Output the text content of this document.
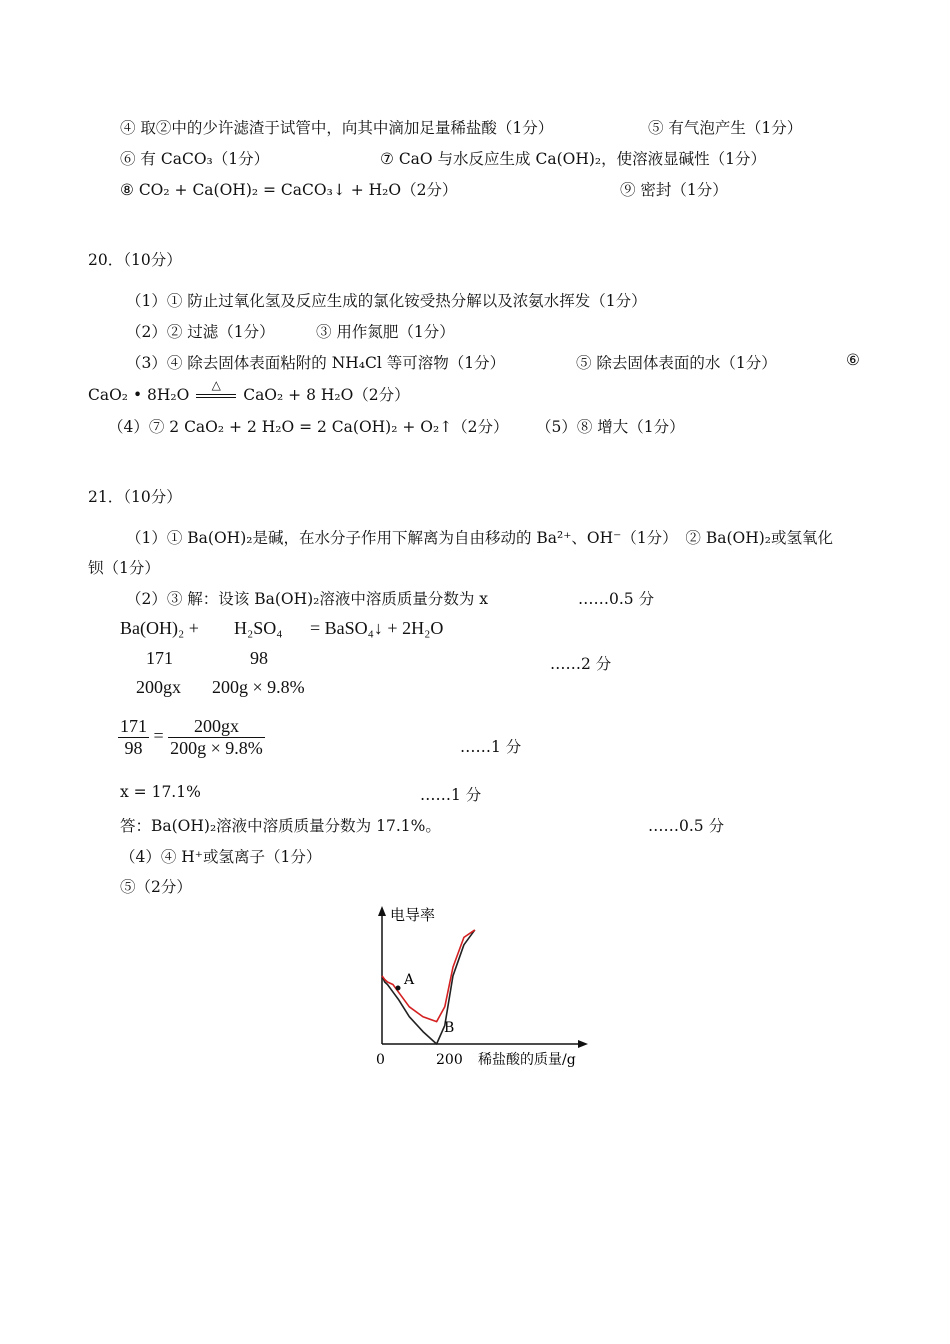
④ 取②中的少许滤渣于试管中，向其中滴加足量稀盐酸（1分）	⑤ 有气泡产生（1分）
⑥ 有 CaCO₃（1分）	⑦ CaO 与水反应生成 Ca(OH)₂，使溶液显碱性（1分）
⑧ CO₂ + Ca(OH)₂ = CaCO₃↓ + H₂O（2分）	⑨ 密封（1分）
20．（10分）
（1）① 防止过氧化氢及反应生成的氯化铵受热分解以及浓氨水挥发（1分）
（2）② 过滤（1分）	③ 用作氮肥（1分）
（3）④ 除去固体表面粘附的 NH₄Cl 等可溶物（1分）	⑤ 除去固体表面的水（1分）	⑥
CaO₂ • 8H₂O
△
CaO₂ + 8 H₂O（2分）
（4）⑦ 2 CaO₂ + 2 H₂O = 2 Ca(OH)₂ + O₂↑（2分） （5）⑧ 增大（1分）
21．（10分）
（1）① Ba(OH)₂是碱，在水分子作用下解离为自由移动的 Ba²⁺、OH⁻（1分）　② Ba(OH)₂或氢氧化
钡（1分）
（2）③ 解：设该 Ba(OH)₂溶液中溶质质量分数为 x	……0.5 分
Ba(OH)₂ + H₂SO₄ = BaSO₄↓ + 2H₂O
171	98	……2 分
200gx 200g × 9.8%
$\frac{171}{98} = \frac{200gx}{200g \times 9.8\%}$	……1 分
x = 17.1%	……1 分
答：Ba(OH)₂溶液中溶质质量分数为 17.1%。	……0.5 分
（4）④ H⁺或氢离子（1分）
⑤（2分）
电导率
0	200 稀盐酸的质量/g
A
B
